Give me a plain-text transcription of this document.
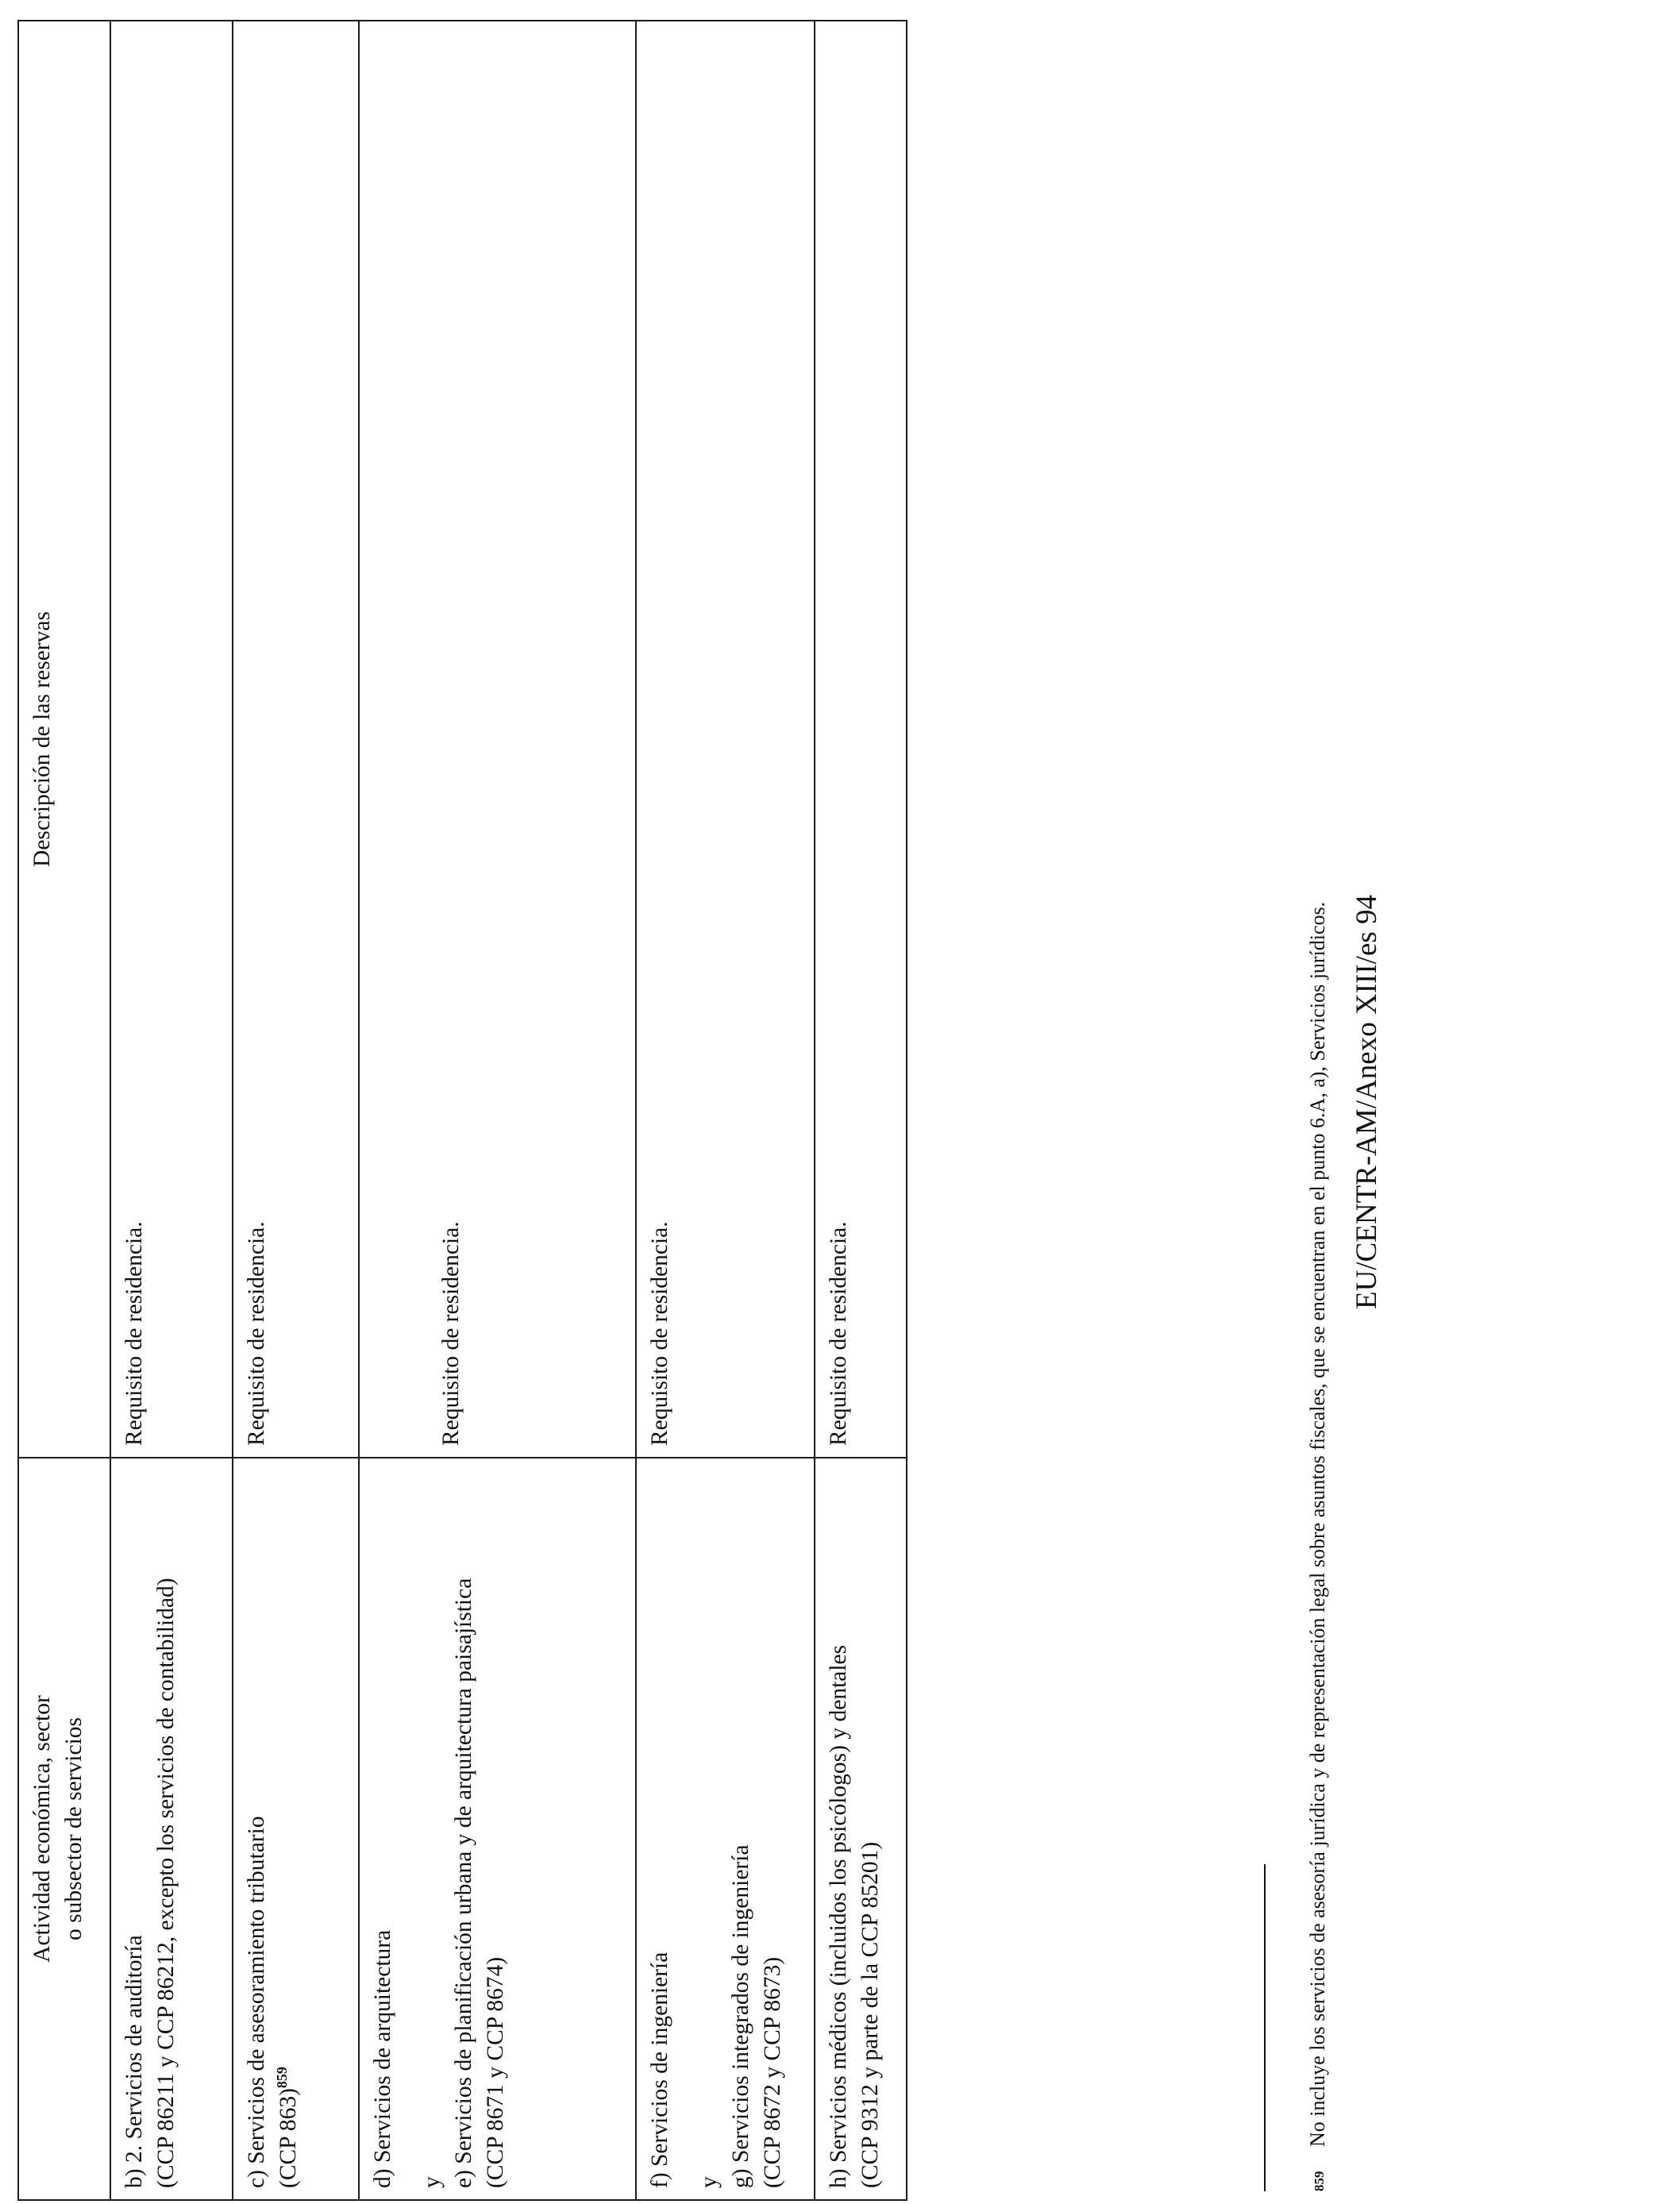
Actividad económica, sector o subsector de servicios	Descripción de las reservas

b) 2. Servicios de auditoría (CCP 86211 y CCP 86212, excepto los servicios de contabilidad)	Requisito de residencia.

c) Servicios de asesoramiento tributario (CCP 863)$^{859}$	Requisito de residencia.

d) Servicios de arquitectura y e) Servicios de planificación urbana y de arquitectura paisajística (CCP 8671 y CCP 8674)	Requisito de residencia.

f) Servicios de ingeniería y g) Servicios integrados de ingeniería (CCP 8672 y CCP 8673)	Requisito de residencia.

h) Servicios médicos (incluidos los psicólogos) y dentales (CCP 9312 y parte de la CCP 85201)	Requisito de residencia.
859No incluye los servicios de asesoría jurídica y de representación legal sobre asuntos fiscales, que se encuentran en el punto 6.A, a), Servicios jurídicos. EU/CENTR-AM/Anexo XIII/es 94
